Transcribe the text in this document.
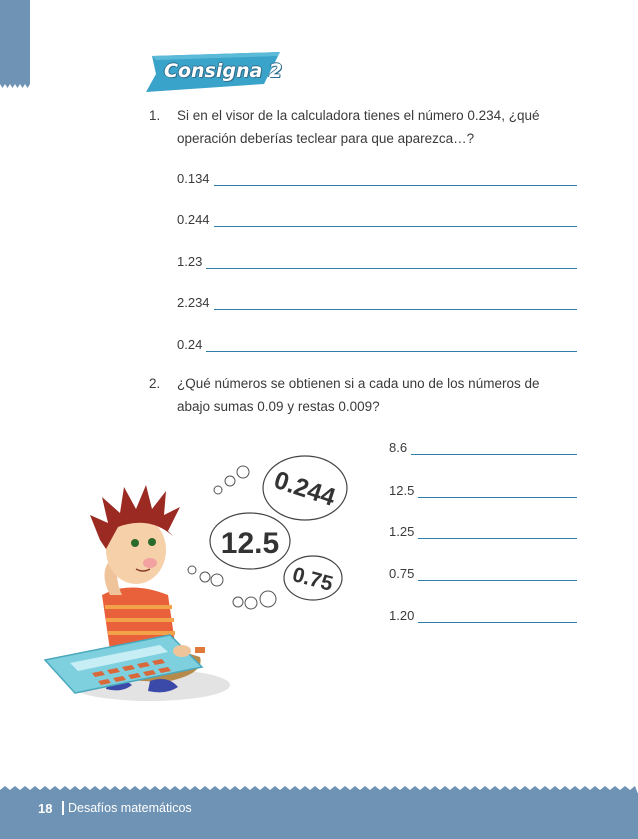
Bloque I	Consigna 2
1. Si en el visor de la calculadora tienes el número 0.234, ¿qué operación deberías teclear para que aparezca…?
0.134
0.244
1.23
2.234
0.24
2. ¿Qué números se obtienen si a cada uno de los números de abajo sumas 0.09 y restas 0.009?
8.6
12.5
1.25
0.75
1.20
0.244
12.5
0.75
18 Desafíos matemáticos
